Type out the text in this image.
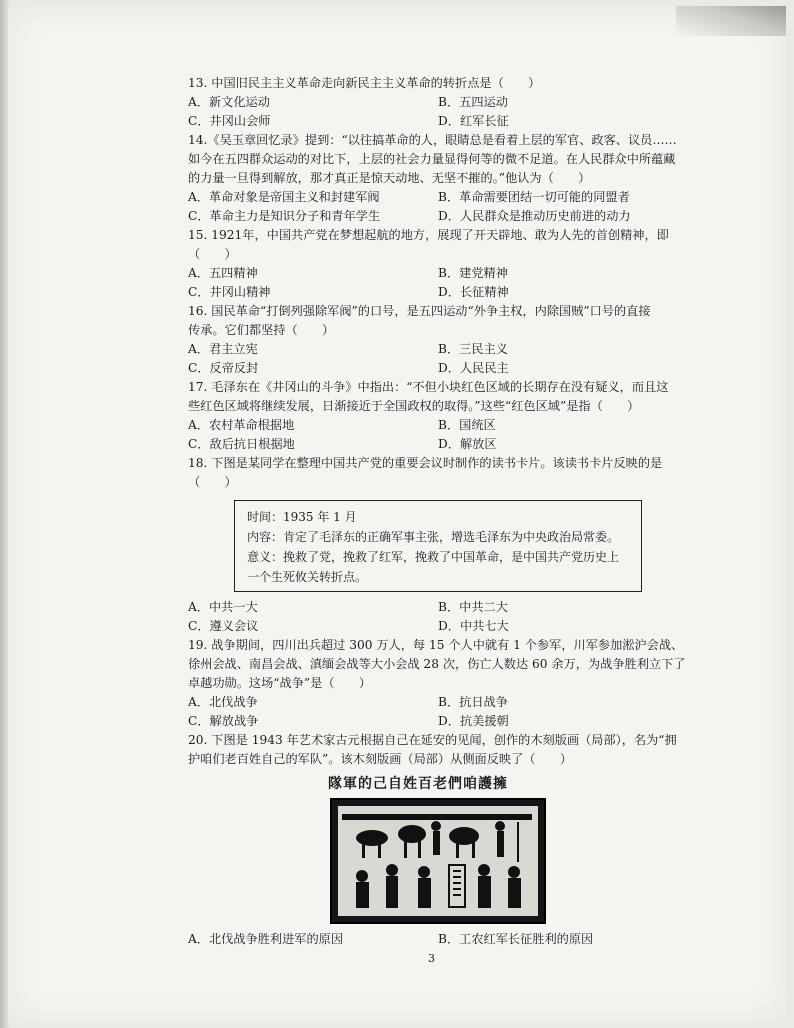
13. 中国旧民主主义革命走向新民主主义革命的转折点是（　　）
A．新文化运动	B．五四运动
C．井冈山会师	D．红军长征
14.《吴玉章回忆录》提到：“以往搞革命的人，眼睛总是看着上层的军官、政客、议员……
如今在五四群众运动的对比下，上层的社会力量显得何等的微不足道。在人民群众中所蕴藏
的力量一旦得到解放，那才真正是惊天动地、无坚不摧的。”他认为（　　）
A．革命对象是帝国主义和封建军阀	B．革命需要团结一切可能的同盟者
C．革命主力是知识分子和青年学生	D．人民群众是推动历史前进的动力
15. 1921年，中国共产党在梦想起航的地方，展现了开天辟地、敢为人先的首创精神，即
（　　）
A．五四精神	B．建党精神
C．井冈山精神	D．长征精神
16. 国民革命“打倒列强除军阀”的口号，是五四运动“外争主权，内除国贼”口号的直接
传承。它们都坚持（　　）
A．君主立宪	B．三民主义
C．反帝反封	D．人民民主
17. 毛泽东在《井冈山的斗争》中指出：“不但小块红色区域的长期存在没有疑义，而且这
些红色区域将继续发展，日渐接近于全国政权的取得。”这些“红色区域”是指（　　）
A．农村革命根据地	B．国统区
C．敌后抗日根据地	D．解放区
18. 下图是某同学在整理中国共产党的重要会议时制作的读书卡片。该读书卡片反映的是
（　　）
时间：1935 年 1 月
内容：肯定了毛泽东的正确军事主张，增选毛泽东为中央政治局常委。
意义：挽救了党，挽救了红军，挽救了中国革命，是中国共产党历史上
一个生死攸关转折点。
A．中共一大	B．中共二大
C．遵义会议	D．中共七大
19. 战争期间，四川出兵超过 300 万人，每 15 个人中就有 1 个参军，川军参加淞沪会战、
徐州会战、南昌会战、滇缅会战等大小会战 28 次，伤亡人数达 60 余万，为战争胜利立下了
卓越功勋。这场“战争”是（　　）
A．北伐战争	B．抗日战争
C．解放战争	D．抗美援朝
20. 下图是 1943 年艺术家古元根据自己在延安的见闻，创作的木刻版画（局部），名为“拥
护咱们老百姓自己的军队”。该木刻版画（局部）从侧面反映了（　　）
隊軍的己自姓百老們咱護擁
A．北伐战争胜利进军的原因	B．工农红军长征胜利的原因
3
